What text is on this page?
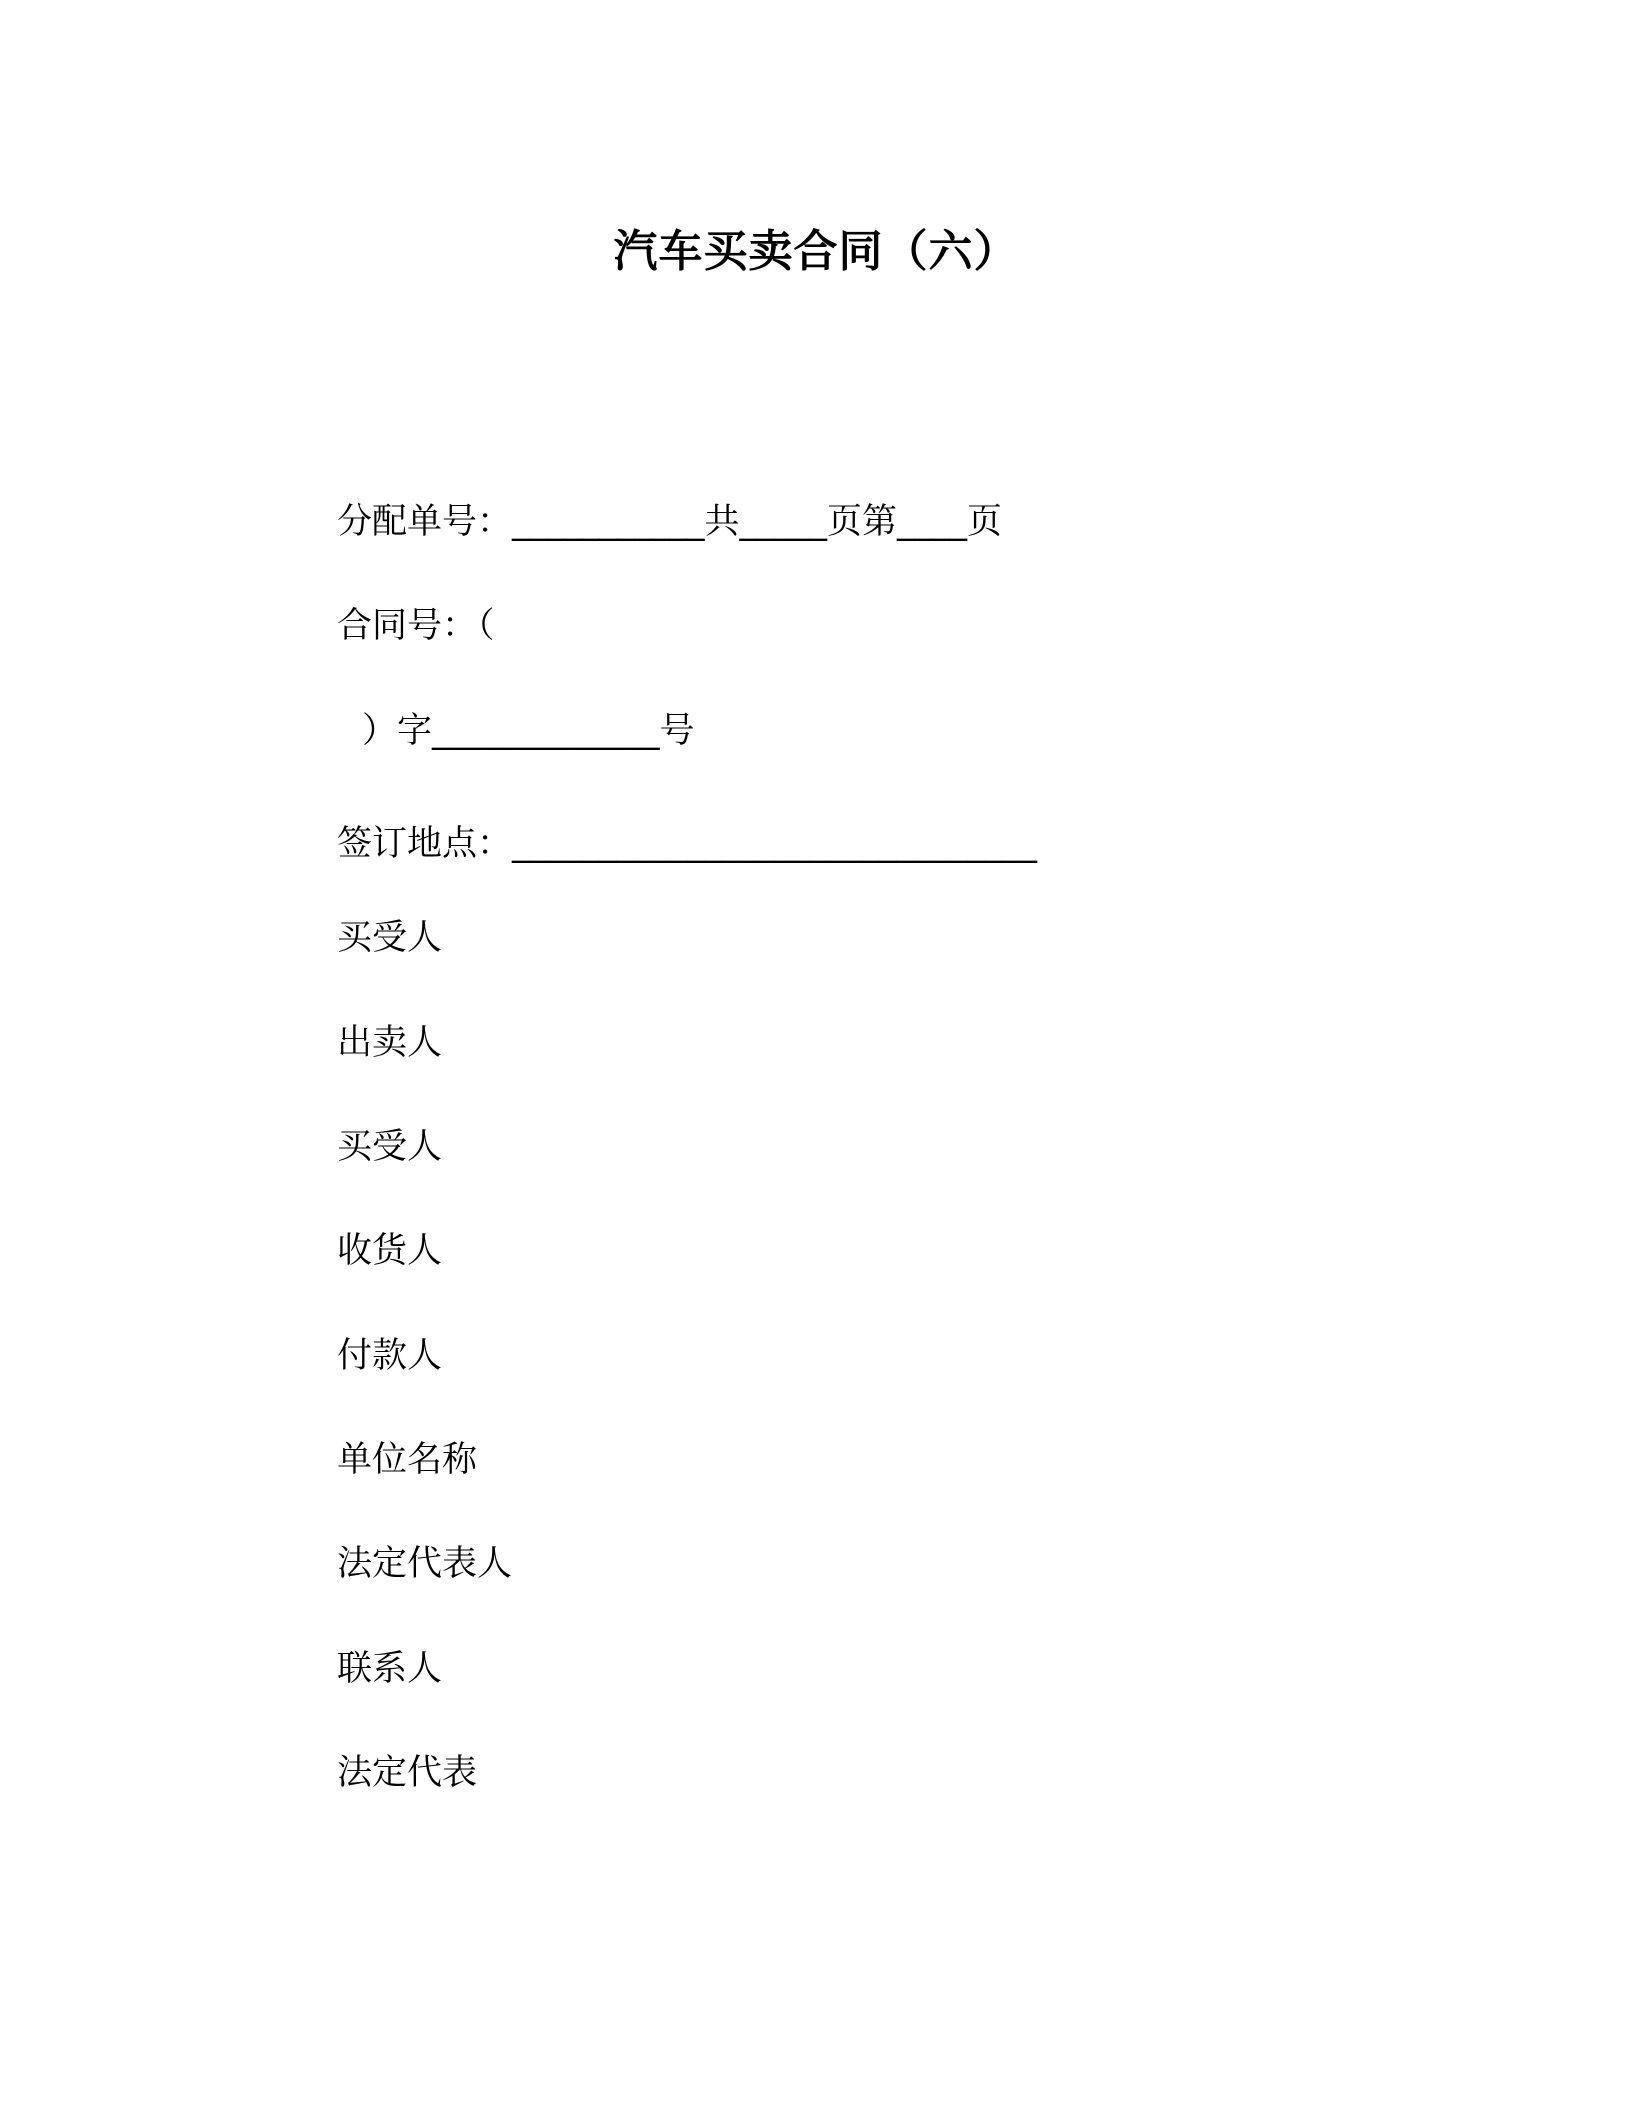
汽车买卖合同（六）
分配单号：___________共_____页第____页
合同号：（
）字_____________号
签订地点：______________________________
买受人
出卖人
买受人
收货人
付款人
单位名称
法定代表人
联系人
法定代表
